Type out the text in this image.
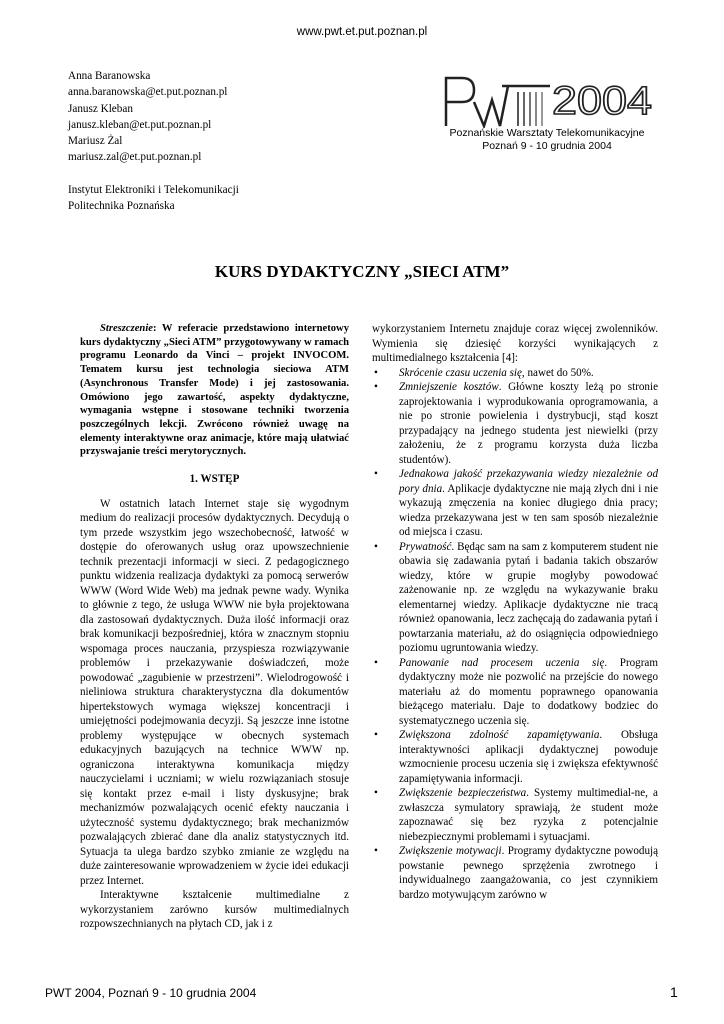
www.pwt.et.put.poznan.pl
Anna Baranowska
anna.baranowska@et.put.poznan.pl
Janusz Kleban
janusz.kleban@et.put.poznan.pl
Mariusz Żal
mariusz.zal@et.put.poznan.pl
Instytut Elektroniki i Telekomunikacji
Politechnika Poznańska
2004
Poznańskie Warsztaty Telekomunikacyjne
Poznań 9 - 10 grudnia 2004
KURS DYDAKTYCZNY „SIECI ATM”

Streszczenie: W referacie przedstawiono internetowy kurs dydaktyczny „Sieci ATM” przygotowywany w ramach programu Leonardo da Vinci – projekt INVOCOM. Tematem kursu jest technologia sieciowa ATM (Asynchronous Transfer Mode) i jej zastosowania. Omówiono jego zawartość, aspekty dydaktyczne, wymagania wstępne i stosowane techniki tworzenia poszczególnych lekcji. Zwrócono również uwagę na elementy interaktywne oraz animacje, które mają ułatwiać przyswajanie treści merytorycznych.

1. WSTĘP

W ostatnich latach Internet staje się wygodnym medium do realizacji procesów dydaktycznych. Decydują o tym przede wszystkim jego wszechobecność, łatwość w dostępie do oferowanych usług oraz upowszechnienie technik prezentacji informacji w sieci. Z pedagogicznego punktu widzenia realizacja dydaktyki za pomocą serwerów WWW (Word Wide Web) ma jednak pewne wady. Wynika to głównie z tego, że usługa WWW nie była projektowana dla zastosowań dydaktycznych. Duża ilość informacji oraz brak komunikacji bezpośredniej, która w znacznym stopniu wspomaga proces nauczania, przyspiesza rozwiązywanie problemów i przekazywanie doświadczeń, może powodować „zagubienie w przestrzeni”. Wielodrogowość i nieliniowa struktura charakterystyczna dla dokumentów hipertekstowych wymaga większej koncentracji i umiejętności podejmowania decyzji. Są jeszcze inne istotne problemy występujące w obecnych systemach edukacyjnych bazujących na technice WWW np. ograniczona interaktywna komunikacja między nauczycielami i uczniami; w wielu rozwiązaniach stosuje się kontakt przez e-mail i listy dyskusyjne; brak mechanizmów pozwalających ocenić efekty nauczania i użyteczność systemu dydaktycznego; brak mechanizmów pozwalających zbierać dane dla analiz statystycznych itd. Sytuacja ta ulega bardzo szybko zmianie ze względu na duże zainteresowanie wprowadzeniem w życie idei edukacji przez Internet.

Interaktywne kształcenie multimedialne z wykorzystaniem zarówno kursów multimedialnych rozpowszechnianych na płytach CD, jak i z

wykorzystaniem Internetu znajduje coraz więcej zwolenników. Wymienia się dziesięć korzyści wynikających z multimedialnego kształcenia [4]:

• Skrócenie czasu uczenia się, nawet do 50%.
• Zmniejszenie kosztów. Główne koszty leżą po stronie zaprojektowania i wyprodukowania oprogramowania, a nie po stronie powielenia i dystrybucji, stąd koszt przypadający na jednego studenta jest niewielki (przy założeniu, że z programu korzysta duża liczba studentów).
• Jednakowa jakość przekazywania wiedzy niezależnie od pory dnia. Aplikacje dydaktyczne nie mają złych dni i nie wykazują zmęczenia na koniec długiego dnia pracy; wiedza przekazywana jest w ten sam sposób niezależnie od miejsca i czasu.
• Prywatność. Będąc sam na sam z komputerem student nie obawia się zadawania pytań i badania takich obszarów wiedzy, które w grupie mogłyby powodować zażenowanie np. ze względu na wykazywanie braku elementarnej wiedzy. Aplikacje dydaktyczne nie tracą również opanowania, lecz zachęcają do zadawania pytań i powtarzania materiału, aż do osiągnięcia odpowiedniego poziomu ugruntowania wiedzy.
• Panowanie nad procesem uczenia się. Program dydaktyczny może nie pozwolić na przejście do nowego materiału aż do momentu poprawnego opanowania bieżącego materiału. Daje to dodatkowy bodziec do systematycznego uczenia się.
• Zwiększona zdolność zapamiętywania. Obsługa interaktywności aplikacji dydaktycznej powoduje wzmocnienie procesu uczenia się i zwiększa efektywność zapamiętywania informacji.
• Zwiększenie bezpieczeństwa. Systemy multimedial-ne, a zwłaszcza symulatory sprawiają, że student może zapoznawać się bez ryzyka z potencjalnie niebezpiecznymi problemami i sytuacjami.
• Zwiększenie motywacji. Programy dydaktyczne powodują powstanie pewnego sprzężenia zwrotnego i indywidualnego zaangażowania, co jest czynnikiem bardzo motywującym zarówno w
PWT 2004, Poznań 9 - 10 grudnia 2004	1
